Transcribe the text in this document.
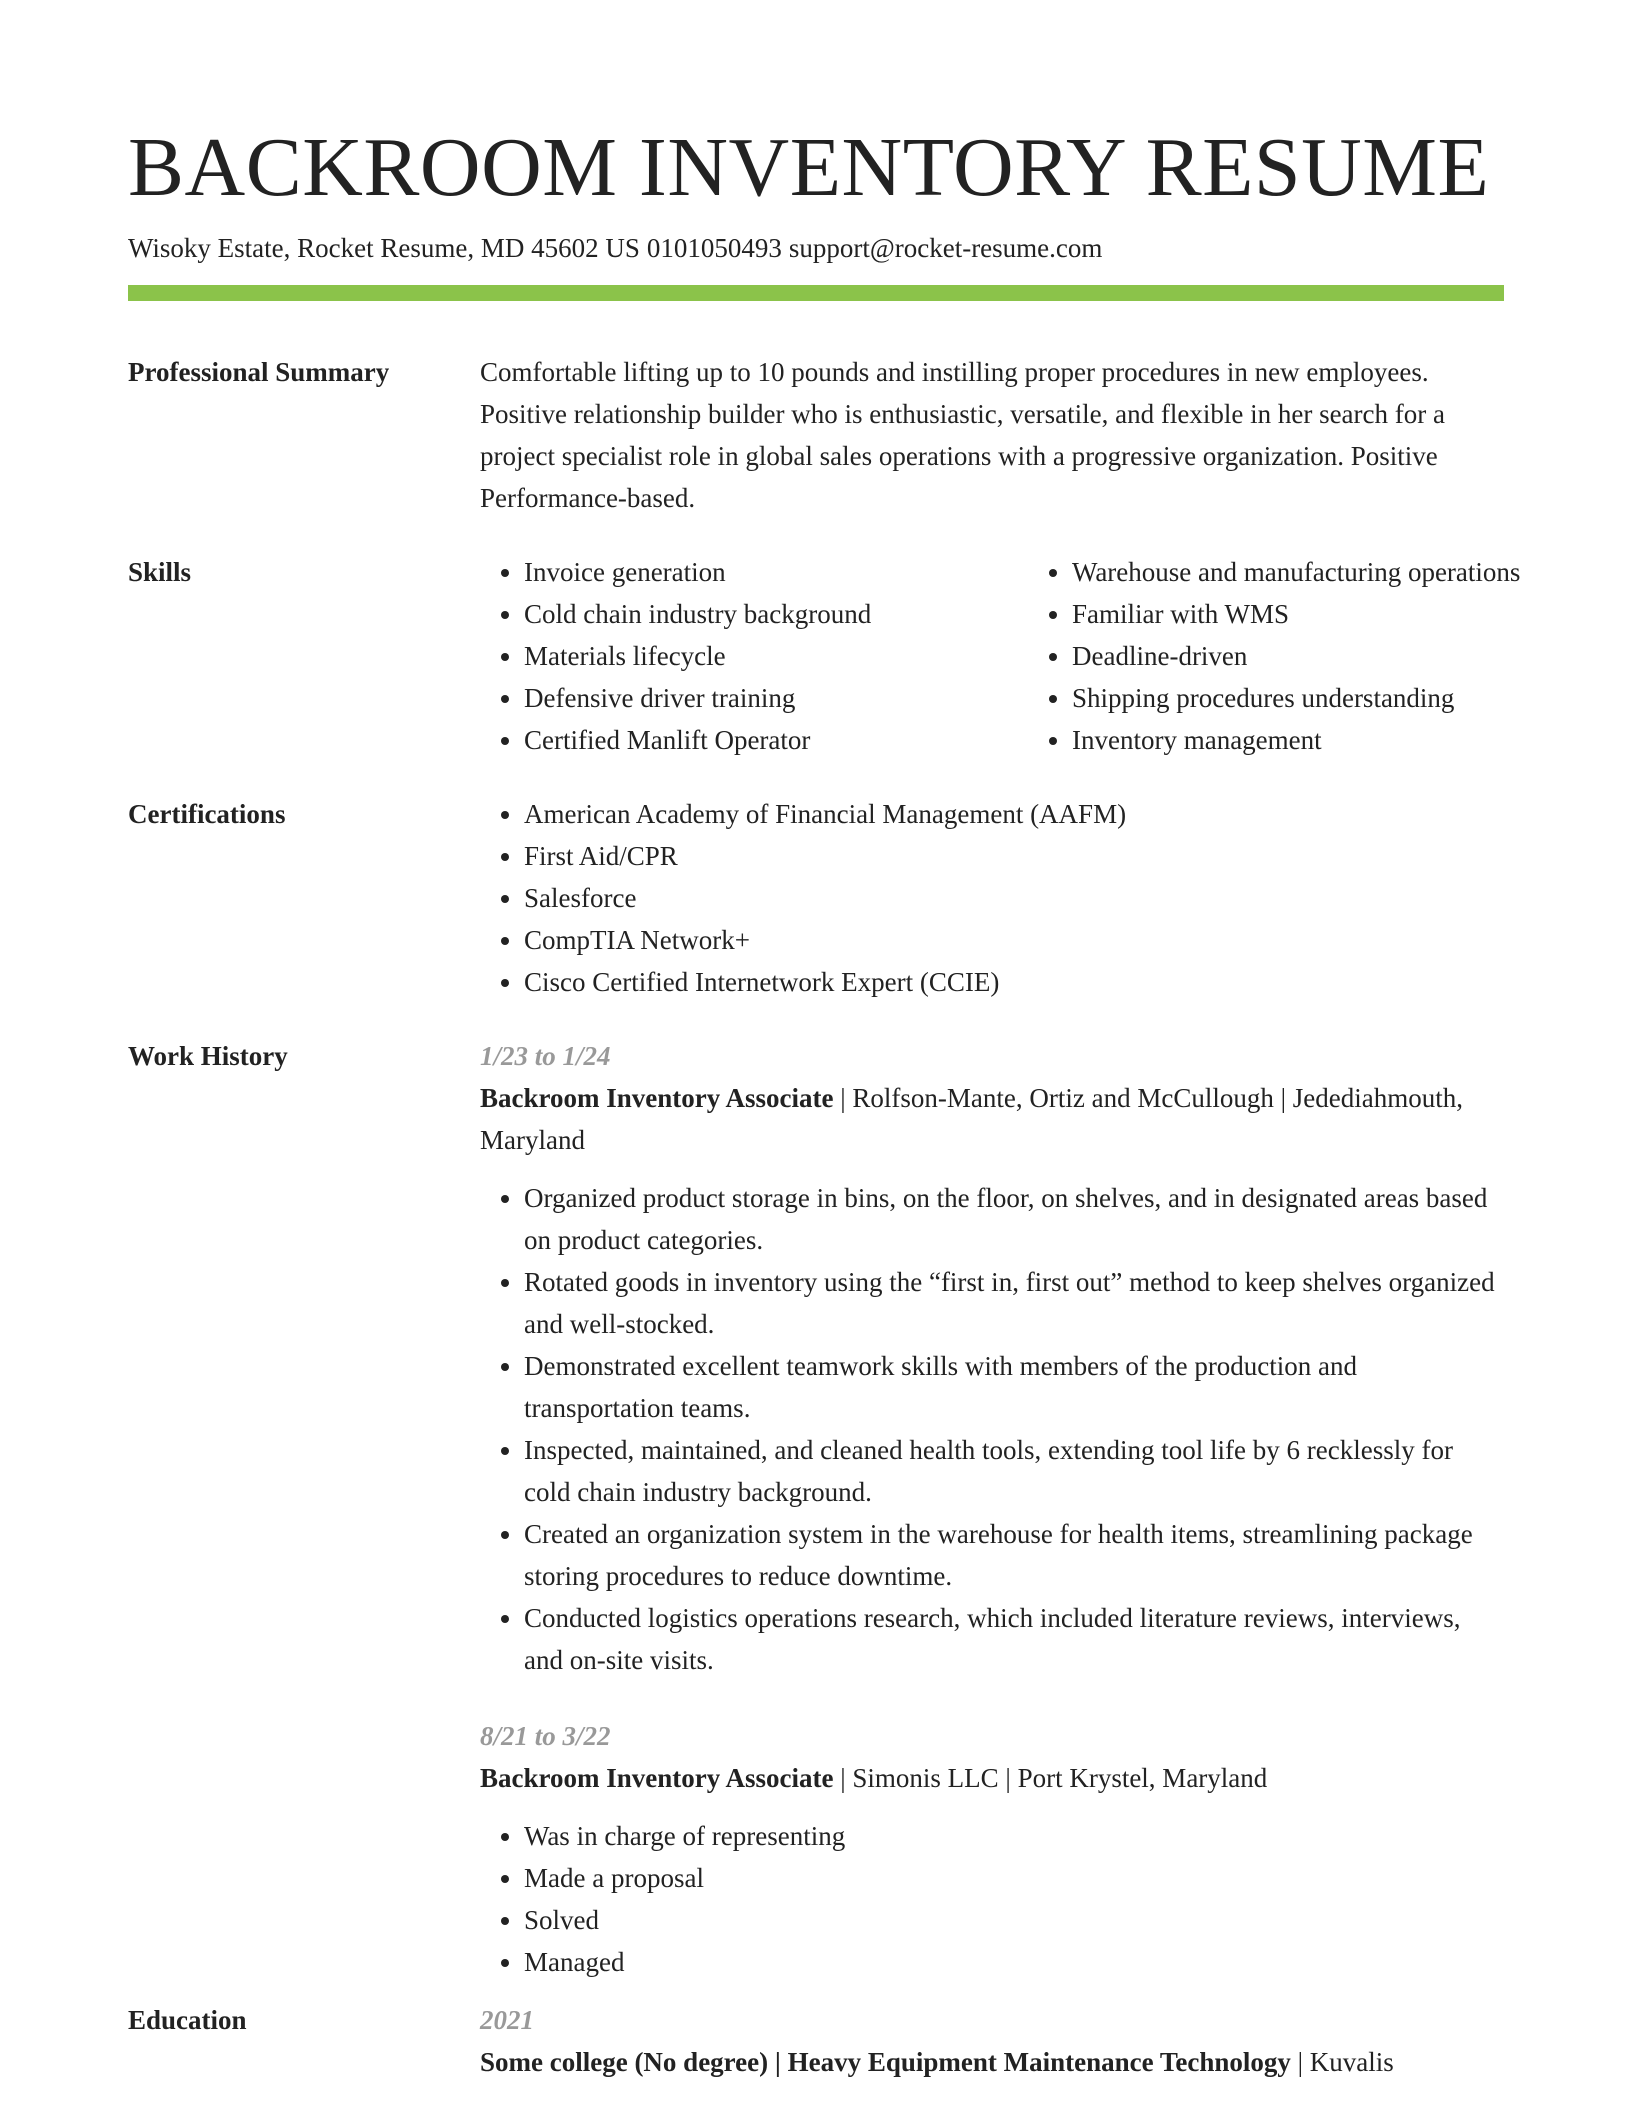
BACKROOM INVENTORY RESUME
Wisoky Estate, Rocket Resume, MD 45602 US 0101050493 support@rocket-resume.com
Professional Summary	Comfortable lifting up to 10 pounds and instilling proper procedures in new employees. Positive relationship builder who is enthusiastic, versatile, and flexible in her search for a project specialist role in global sales operations with a progressive organization. Positive Performance-based.

Skills	• Invoice generation
• Cold chain industry background
• Materials lifecycle
• Defensive driver training
• Certified Manlift Operator
• Warehouse and manufacturing operations
• Familiar with WMS
• Deadline-driven
• Shipping procedures understanding
• Inventory management
Certifications	• American Academy of Financial Management (AAFM)
• First Aid/CPR
• Salesforce
• CompTIA Network+
• Cisco Certified Internetwork Expert (CCIE)
Work History	1/23 to 1/24
Backroom Inventory Associate | Rolfson-Mante, Ortiz and McCullough | Jedediahmouth, Maryland
• Organized product storage in bins, on the floor, on shelves, and in designated areas based on product categories.
• Rotated goods in inventory using the “first in, first out” method to keep shelves organized and well-stocked.
• Demonstrated excellent teamwork skills with members of the production and transportation teams.
• Inspected, maintained, and cleaned health tools, extending tool life by 6 recklessly for cold chain industry background.
• Created an organization system in the warehouse for health items, streamlining package storing procedures to reduce downtime.
• Conducted logistics operations research, which included literature reviews, interviews, and on-site visits.
8/21 to 3/22
Backroom Inventory Associate | Simonis LLC | Port Krystel, Maryland
• Was in charge of representing
• Made a proposal
• Solved
• Managed
Education	2021
Some college (No degree) | Heavy Equipment Maintenance Technology | Kuvalis
